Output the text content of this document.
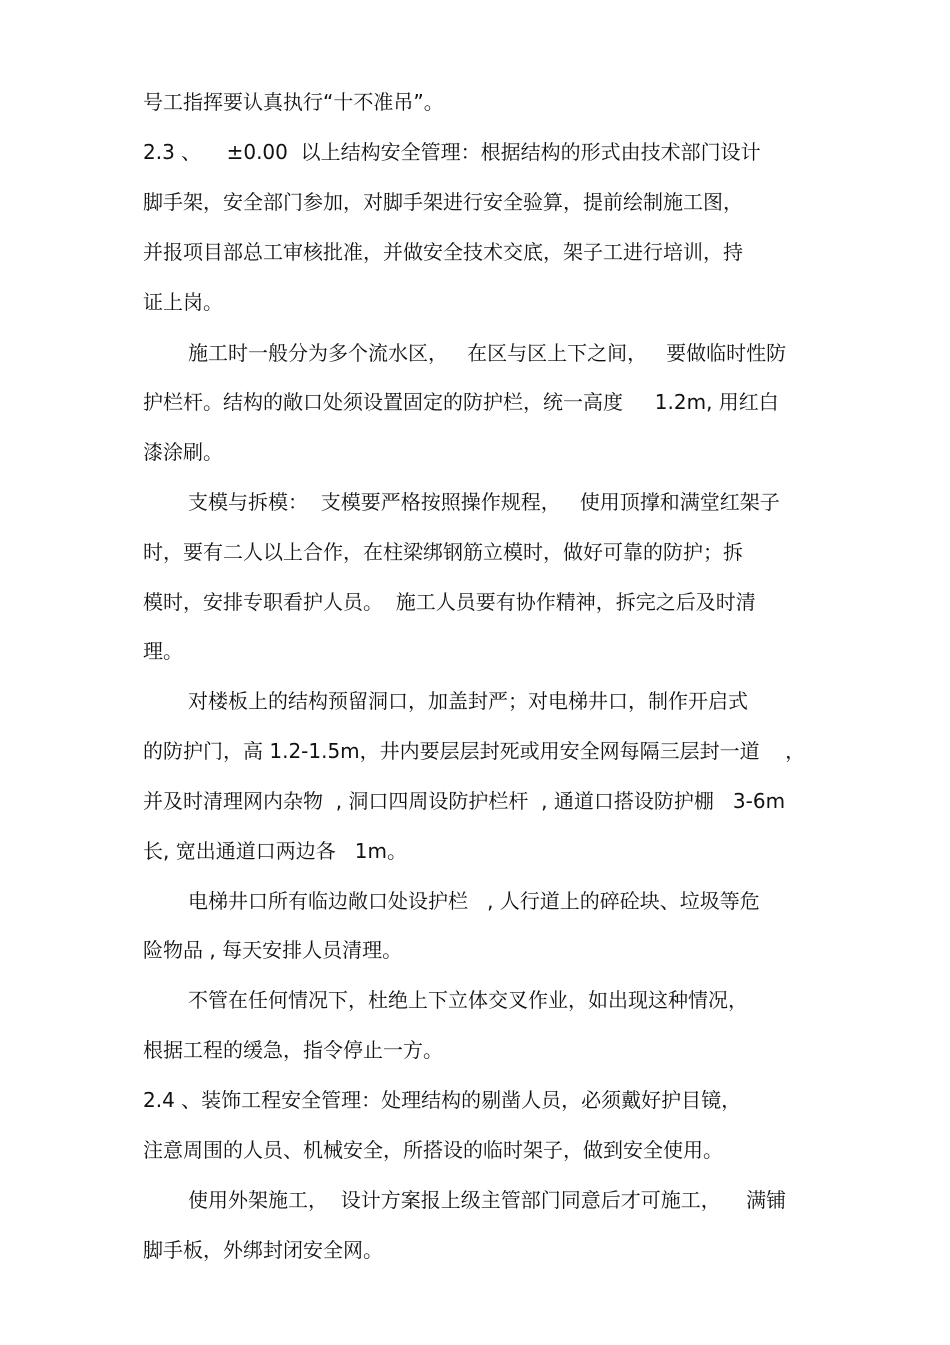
号工指挥要认真执行“十不准吊”。
2.3 、    ±0.00  以上结构安全管理：根据结构的形式由技术部门设计
脚手架，安全部门参加，对脚手架进行安全验算，提前绘制施工图，
并报项目部总工审核批准，并做安全技术交底，架子工进行培训，持
证上岗。
施工时一般分为多个流水区，   在区与区上下之间，   要做临时性防
护栏杆。结构的敞口处须设置固定的防护栏，统一高度     1.2m, 用红白
漆涂刷。
支模与拆模：  支模要严格按照操作规程，   使用顶撑和满堂红架子
时，要有二人以上合作，在柱梁绑钢筋立模时，做好可靠的防护；拆
模时，安排专职看护人员。  施工人员要有协作精神，拆完之后及时清
理。
对楼板上的结构预留洞口，加盖封严；对电梯井口，制作开启式
的防护门，高 1.2-1.5m，井内要层层封死或用安全网每隔三层封一道    ，
并及时清理网内杂物  , 洞口四周设防护栏杆  , 通道口搭设防护棚   3-6m
长, 宽出通道口两边各   1m。
电梯井口所有临边敞口处设护栏   , 人行道上的碎砼块、垃圾等危
险物品 , 每天安排人员清理。
不管在任何情况下，杜绝上下立体交叉作业，如出现这种情况，
根据工程的缓急，指令停止一方。
2.4 、装饰工程安全管理：处理结构的剔凿人员，必须戴好护目镜，
注意周围的人员、机械安全，所搭设的临时架子，做到安全使用。
使用外架施工，  设计方案报上级主管部门同意后才可施工，    满铺
脚手板，外绑封闭安全网。
